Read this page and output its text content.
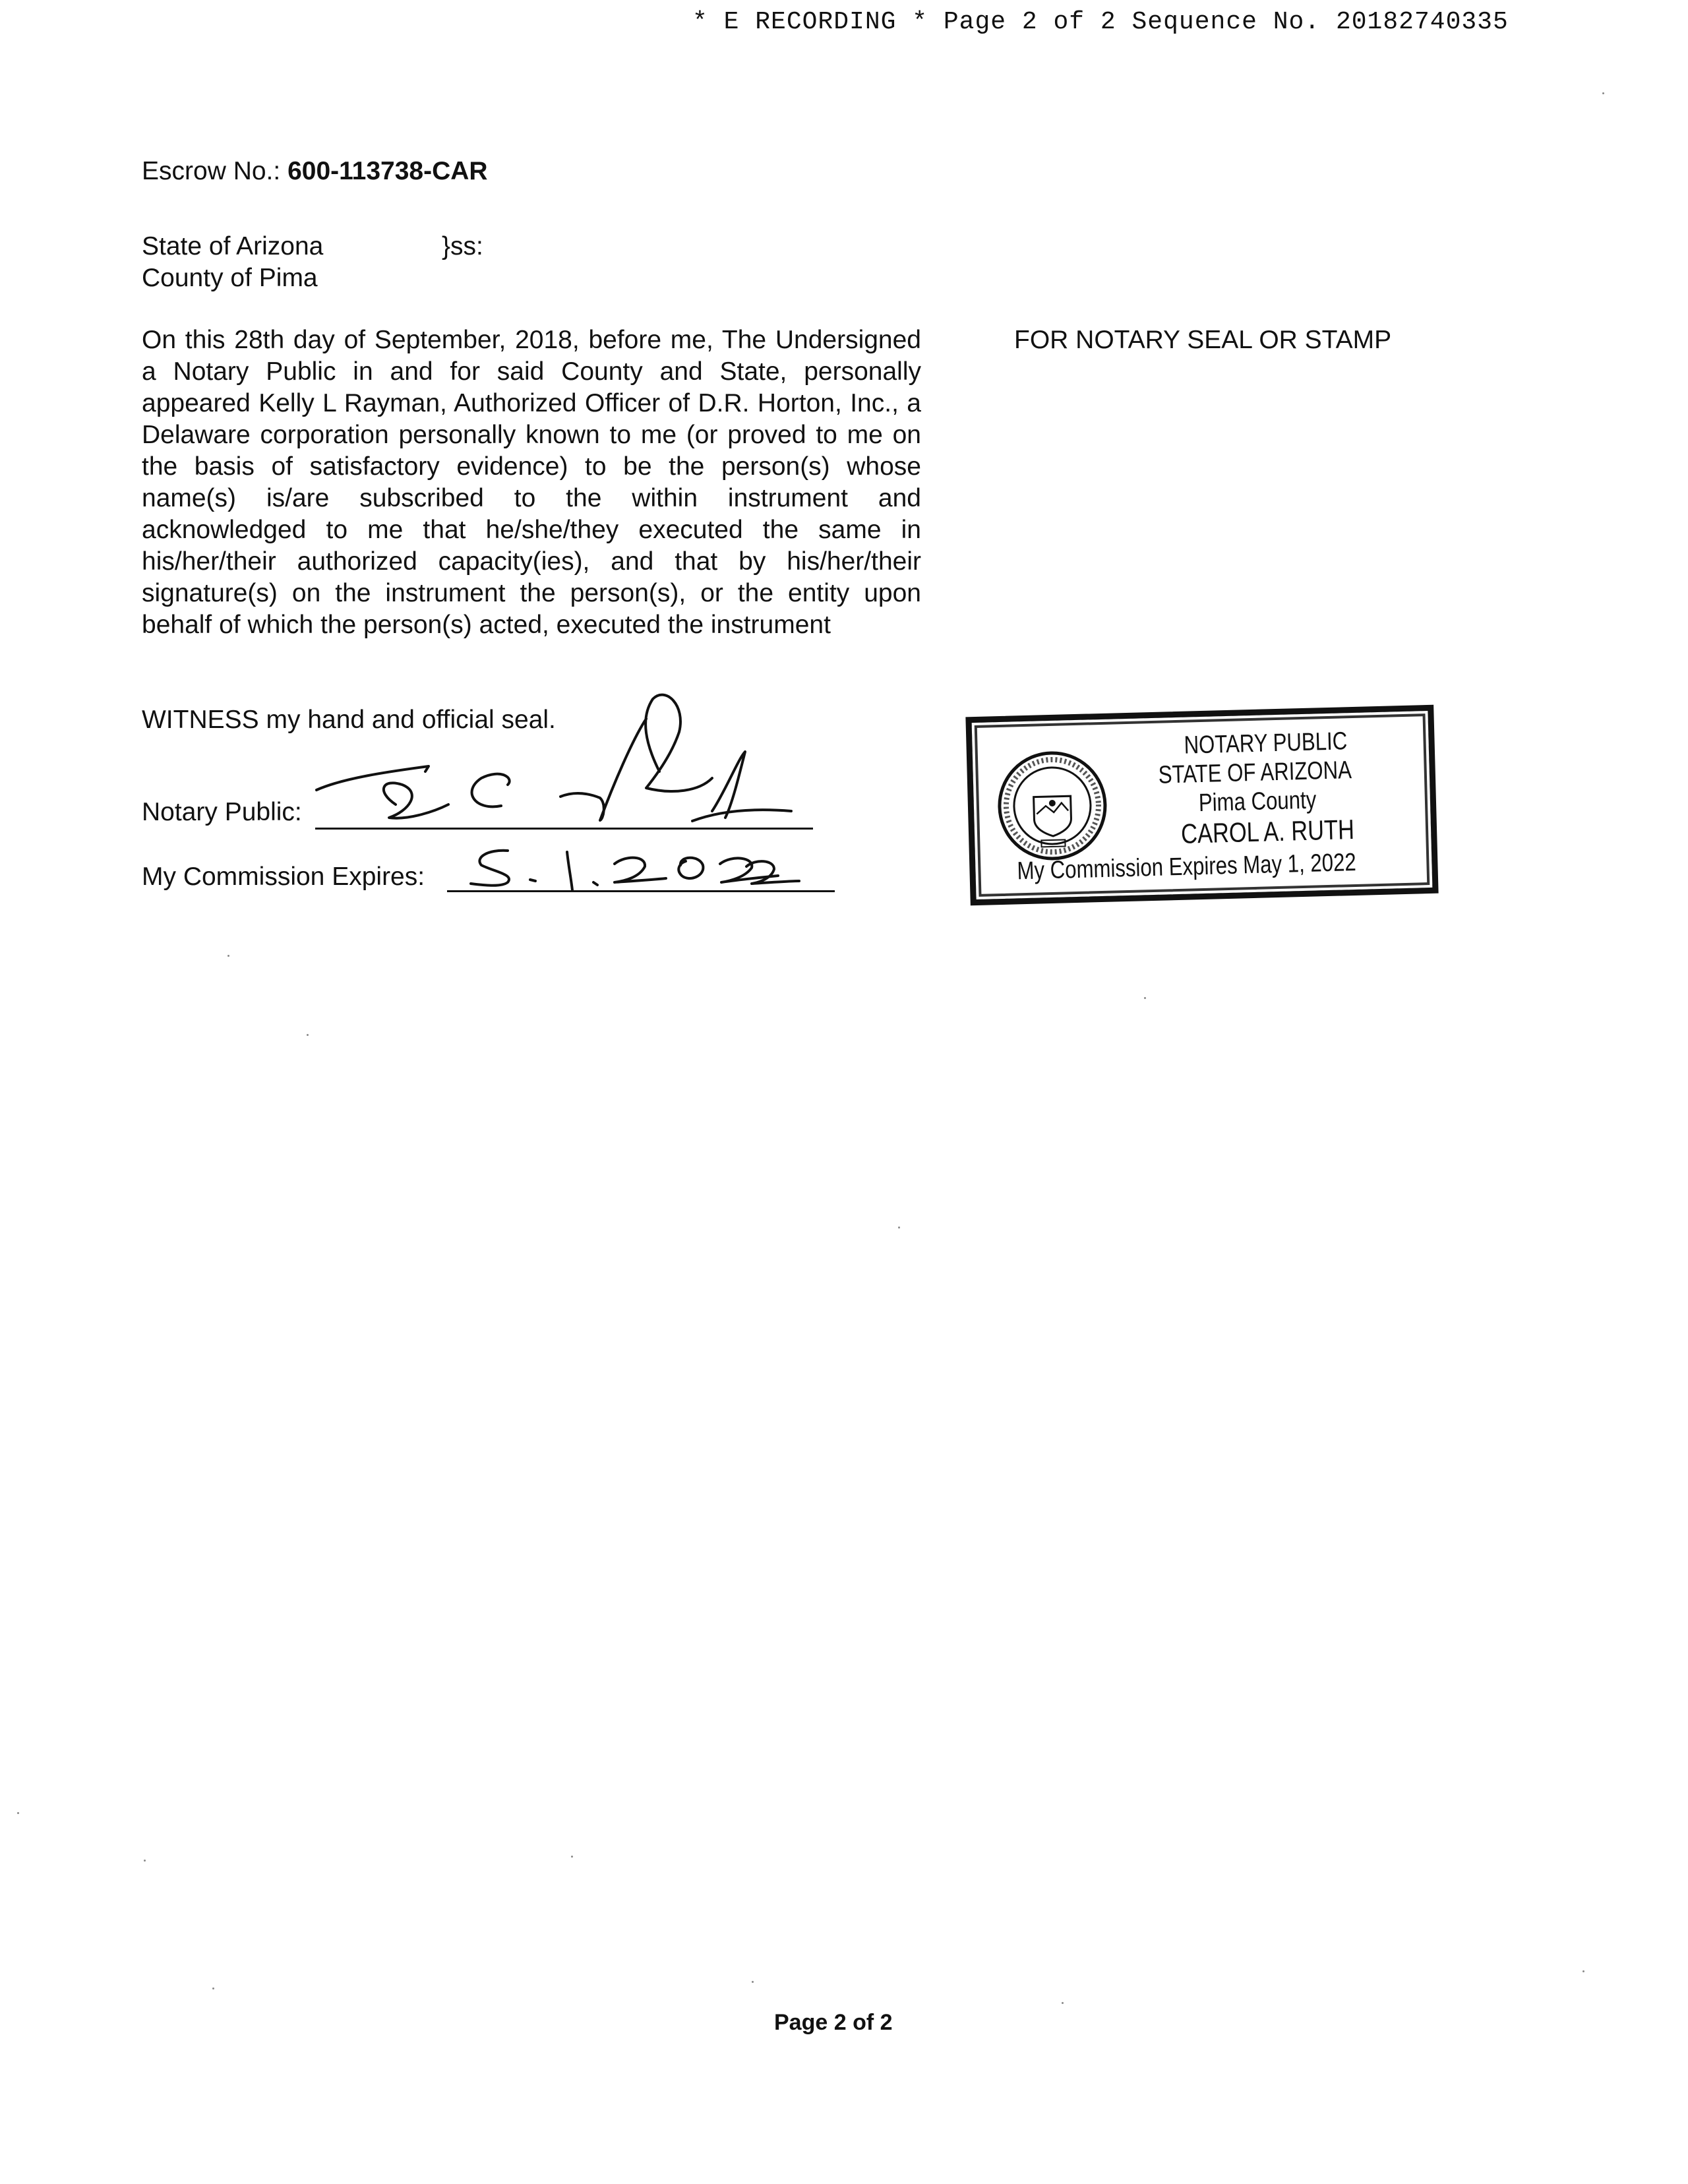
* E RECORDING * Page 2 of 2 Sequence No. 20182740335
Escrow No.: 600-113738-CAR
State of Arizona	}ss:
County of Pima
FOR NOTARY SEAL OR STAMP
On this 28th day of September, 2018, before me, The Undersigned a Notary Public in and for said County and State, personally appeared Kelly L Rayman, Authorized Officer of D.R. Horton, Inc., a Delaware corporation personally known to me (or proved to me on the basis of satisfactory evidence) to be the person(s) whose name(s) is/are subscribed to the within instrument and acknowledged to me that he/she/they executed the same in his/her/their authorized capacity(ies), and that by his/her/their signature(s) on the instrument the person(s), or the entity upon behalf of which the person(s) acted, executed the instrument
WITNESS my hand and official seal.
Notary Public:
My Commission Expires:
NOTARY PUBLIC
STATE OF ARIZONA
Pima County
CAROL A. RUTH
My Commission Expires May 1, 2022
Page 2 of 2
